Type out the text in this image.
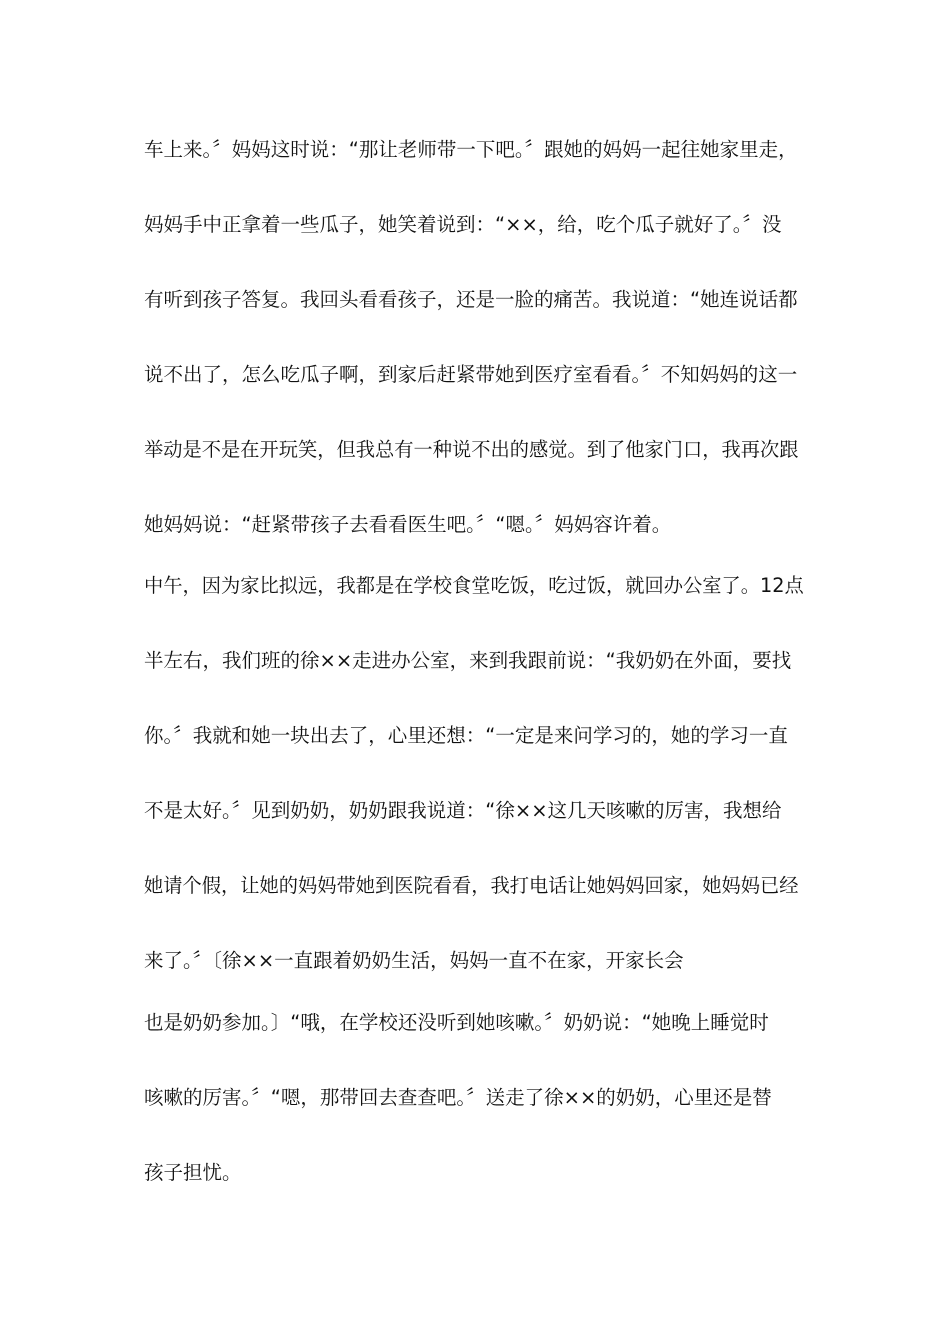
车上来。〞妈妈这时说：“那让老师带一下吧。〞跟她的妈妈一起往她家里走，
妈妈手中正拿着一些瓜子，她笑着说到：“××，给，吃个瓜子就好了。〞没
有听到孩子答复。我回头看看孩子，还是一脸的痛苦。我说道：“她连说话都
说不出了，怎么吃瓜子啊，到家后赶紧带她到医疗室看看。〞不知妈妈的这一
举动是不是在开玩笑，但我总有一种说不出的感觉。到了他家门口，我再次跟
她妈妈说：“赶紧带孩子去看看医生吧。〞“嗯。〞妈妈容许着。
中午，因为家比拟远，我都是在学校食堂吃饭，吃过饭，就回办公室了。12点
半左右，我们班的徐××走进办公室，来到我跟前说：“我奶奶在外面，要找
你。〞我就和她一块出去了，心里还想：“一定是来问学习的，她的学习一直
不是太好。〞见到奶奶，奶奶跟我说道：“徐××这几天咳嗽的厉害，我想给
她请个假，让她的妈妈带她到医院看看，我打电话让她妈妈回家，她妈妈已经
来了。〞〔徐××一直跟着奶奶生活，妈妈一直不在家，开家长会
也是奶奶参加。〕“哦，在学校还没听到她咳嗽。〞奶奶说：“她晚上睡觉时
咳嗽的厉害。〞“嗯，那带回去查查吧。〞送走了徐××的奶奶，心里还是替
孩子担忧。
